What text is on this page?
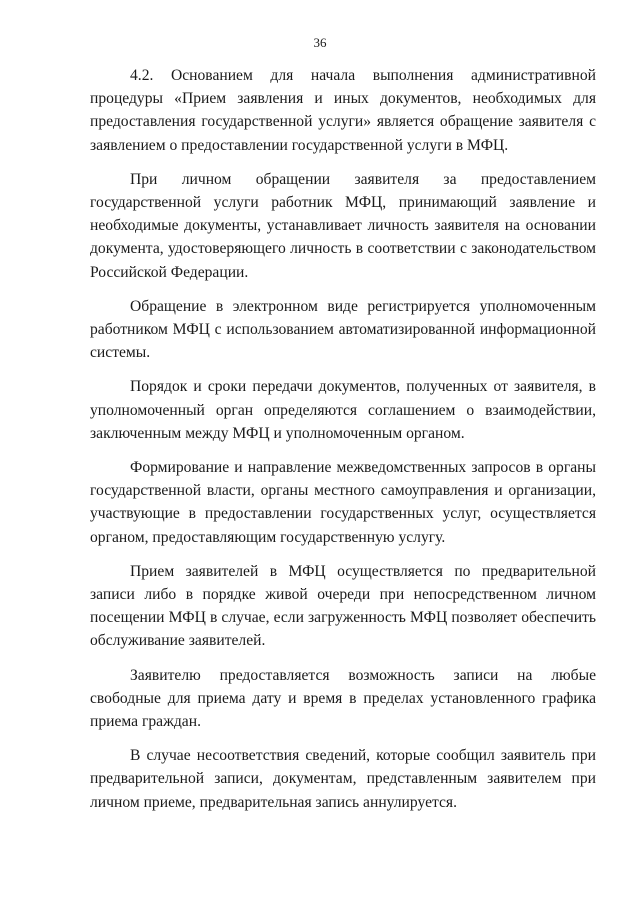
36

4.2. Основанием для начала выполнения административной процедуры «Прием заявления и иных документов, необходимых для предоставления государственной услуги» является обращение заявителя с заявлением о предоставлении государственной услуги в МФЦ.

При личном обращении заявителя за предоставлением государственной услуги работник МФЦ, принимающий заявление и необходимые документы, устанавливает личность заявителя на основании документа, удостоверяющего личность в соответствии с законодательством Российской Федерации.

Обращение в электронном виде регистрируется уполномоченным работником МФЦ с использованием автоматизированной информационной системы.

Порядок и сроки передачи документов, полученных от заявителя, в уполномоченный орган определяются соглашением о взаимодействии, заключенным между МФЦ и уполномоченным органом.

Формирование и направление межведомственных запросов в органы государственной власти, органы местного самоуправления и организации, участвующие в предоставлении государственных услуг, осуществляется органом, предоставляющим государственную услугу.

Прием заявителей в МФЦ осуществляется по предварительной записи либо в порядке живой очереди при непосредственном личном посещении МФЦ в случае, если загруженность МФЦ позволяет обеспечить обслуживание заявителей.

Заявителю предоставляется возможность записи на любые свободные для приема дату и время в пределах установленного графика приема граждан.

В случае несоответствия сведений, которые сообщил заявитель при предварительной записи, документам, представленным заявителем при личном приеме, предварительная запись аннулируется.
